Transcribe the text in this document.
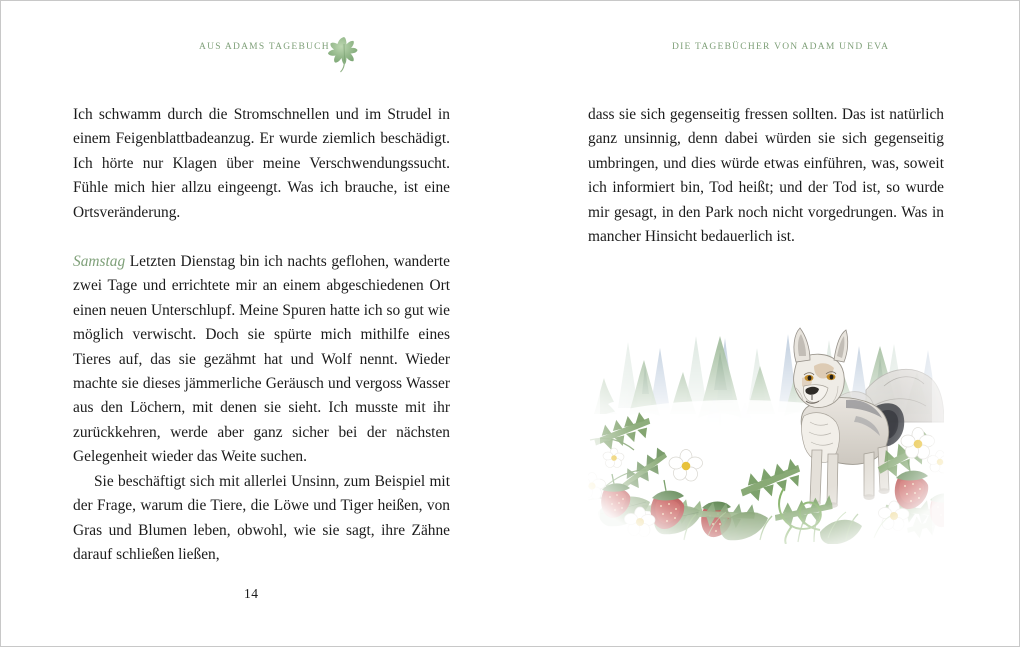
AUS ADAMS TAGEBUCH	DIE TAGEBÜCHER VON ADAM UND EVA

Ich schwamm durch die Stromschnellen und im Strudel in einem Feigenblattbadeanzug. Er wurde ziemlich beschädigt. Ich hörte nur Klagen über meine Verschwendungssucht. Fühle mich hier allzu eingeengt. Was ich brauche, ist eine Ortsveränderung.

Samstag Letzten Dienstag bin ich nachts geflohen, wanderte zwei Tage und errichtete mir an einem abgeschiedenen Ort einen neuen Unterschlupf. Meine Spuren hatte ich so gut wie möglich verwischt. Doch sie spürte mich mithilfe eines Tieres auf, das sie gezähmt hat und Wolf nennt. Wieder machte sie dieses jämmerliche Geräusch und vergoss Wasser aus den Löchern, mit denen sie sieht. Ich musste mit ihr zurückkehren, werde aber ganz sicher bei der nächsten Gelegenheit wieder das Weite suchen.

Sie beschäftigt sich mit allerlei Unsinn, zum Beispiel mit der Frage, warum die Tiere, die Löwe und Tiger heißen, von Gras und Blumen leben, obwohl, wie sie sagt, ihre Zähne darauf schließen ließen,

14

dass sie sich gegenseitig fressen sollten. Das ist natürlich ganz unsinnig, denn dabei würden sie sich gegenseitig umbringen, und dies würde etwas einführen, was, soweit ich informiert bin, Tod heißt; und der Tod ist, so wurde mir gesagt, in den Park noch nicht vorgedrungen. Was in mancher Hinsicht bedauerlich ist.
